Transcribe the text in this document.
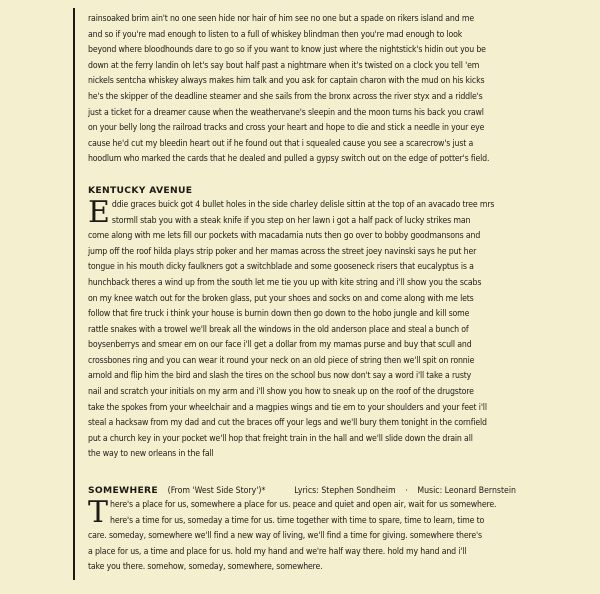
rainsoaked brim ain't no one seen hide nor hair of him see no one but a spade on rikers island and me
and so if you're mad enough to listen to a full of whiskey blindman then you're mad enough to look
beyond where bloodhounds dare to go so if you want to know just where the nightstick's hidin out you be
down at the ferry landin oh let's say bout half past a nightmare when it's twisted on a clock you tell 'em
nickels sentcha whiskey always makes him talk and you ask for captain charon with the mud on his kicks
he's the skipper of the deadline steamer and she sails from the bronx across the river styx and a riddle's
just a ticket for a dreamer cause when the weathervane's sleepin and the moon turns his back you crawl
on your belly long the railroad tracks and cross your heart and hope to die and stick a needle in your eye
cause he'd cut my bleedin heart out if he found out that i squealed cause you see a scarecrow's just a
hoodlum who marked the cards that he dealed and pulled a gypsy switch out on the edge of potter's field.
KENTUCKY AVENUE
E ddie graces buick got 4 bullet holes in the side charley delisle sittin at the top of an avacado tree mrs
stormll stab you with a steak knife if you step on her lawn i got a half pack of lucky strikes man
come along with me lets fill our pockets with macadamia nuts then go over to bobby goodmansons and
jump off the roof hilda plays strip poker and her mamas across the street joey navinski says he put her
tongue in his mouth dicky faulkners got a switchblade and some gooseneck risers that eucalyptus is a
hunchback theres a wind up from the south let me tie you up with kite string and i'll show you the scabs
on my knee watch out for the broken glass, put your shoes and socks on and come along with me lets
follow that fire truck i think your house is burnin down then go down to the hobo jungle and kill some
rattle snakes with a trowel we'll break all the windows in the old anderson place and steal a bunch of
boysenberrys and smear em on our face i'll get a dollar from my mamas purse and buy that scull and
crossbones ring and you can wear it round your neck on an old piece of string then we'll spit on ronnie
arnold and flip him the bird and slash the tires on the school bus now don't say a word i'll take a rusty
nail and scratch your initials on my arm and i'll show you how to sneak up on the roof of the drugstore
take the spokes from your wheelchair and a magpies wings and tie em to your shoulders and your feet i'll
steal a hacksaw from my dad and cut the braces off your legs and we'll bury them tonight in the cornfield
put a church key in your pocket we'll hop that freight train in the hall and we'll slide down the drain all
the way to new orleans in the fall
SOMEWHERE (From 'West Side Story')*	Lyrics: Stephen Sondheim · Music: Leonard Bernstein
T here's a place for us, somewhere a place for us. peace and quiet and open air, wait for us somewhere.
here's a time for us, someday a time for us. time together with time to spare, time to learn, time to
care. someday, somewhere we'll find a new way of living, we'll find a time for giving. somewhere there's
a place for us, a time and place for us. hold my hand and we're half way there. hold my hand and i'll
take you there. somehow, someday, somewhere, somewhere.
